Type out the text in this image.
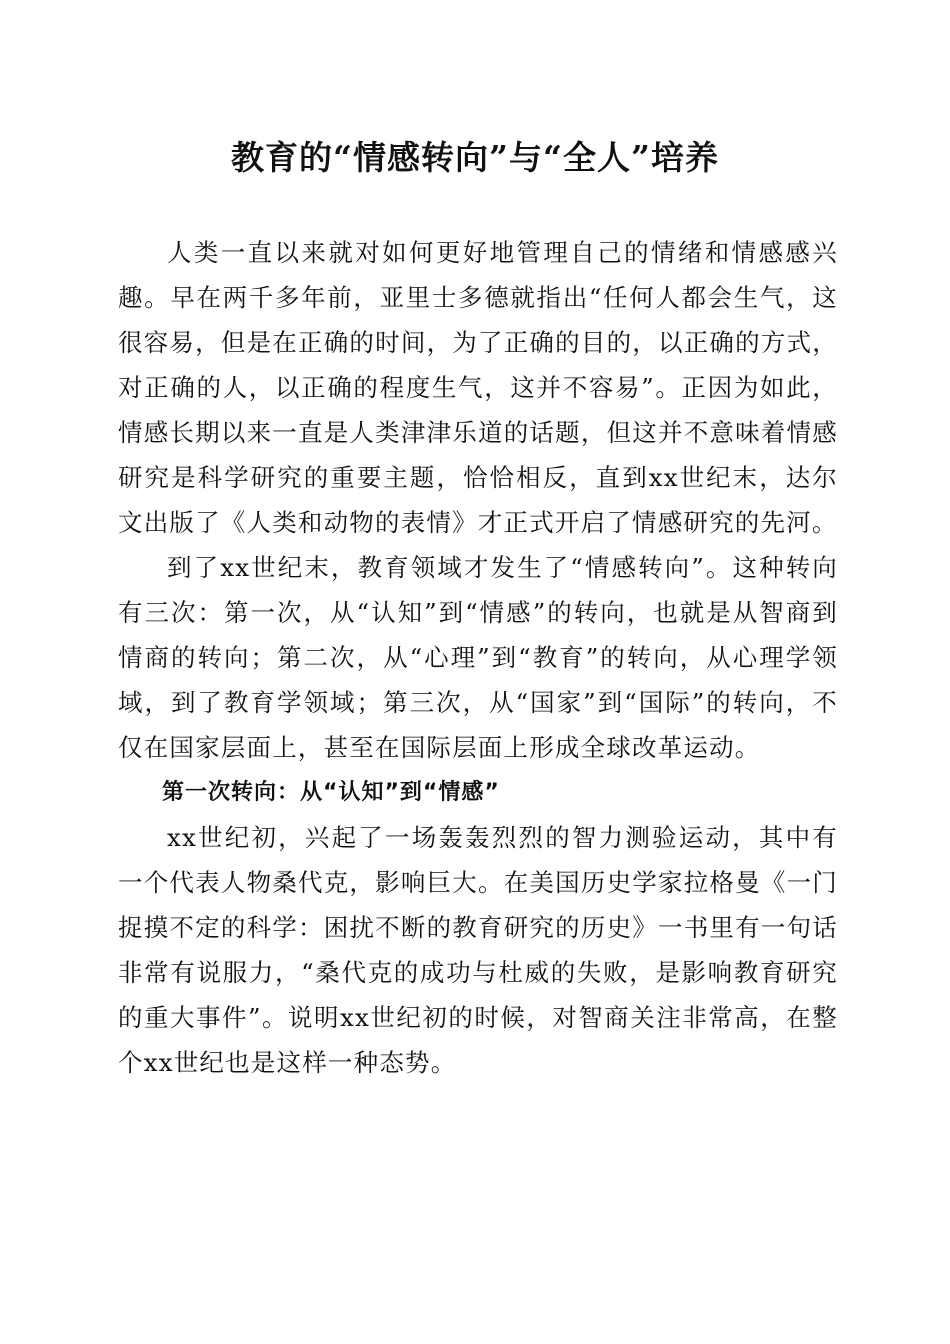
教育的“情感转向”与“全人”培养

人类一直以来就对如何更好地管理自己的情绪和情感感兴趣。早在两千多年前，亚里士多德就指出“任何人都会生气，这很容易，但是在正确的时间，为了正确的目的，以正确的方式，对正确的人，以正确的程度生气，这并不容易”。正因为如此，情感长期以来一直是人类津津乐道的话题，但这并不意味着情感研究是科学研究的重要主题，恰恰相反，直到xx世纪末，达尔文出版了《人类和动物的表情》才正式开启了情感研究的先河。

到了xx世纪末，教育领域才发生了“情感转向”。这种转向有三次：第一次，从“认知”到“情感”的转向，也就是从智商到情商的转向；第二次，从“心理”到“教育”的转向，从心理学领域，到了教育学领域；第三次，从“国家”到“国际”的转向，不仅在国家层面上，甚至在国际层面上形成全球改革运动。

第一次转向：从“认知”到“情感”

xx世纪初，兴起了一场轰轰烈烈的智力测验运动，其中有一个代表人物桑代克，影响巨大。在美国历史学家拉格曼《一门捉摸不定的科学：困扰不断的教育研究的历史》一书里有一句话非常有说服力，“桑代克的成功与杜威的失败，是影响教育研究的重大事件”。说明xx世纪初的时候，对智商关注非常高，在整个xx世纪也是这样一种态势。
